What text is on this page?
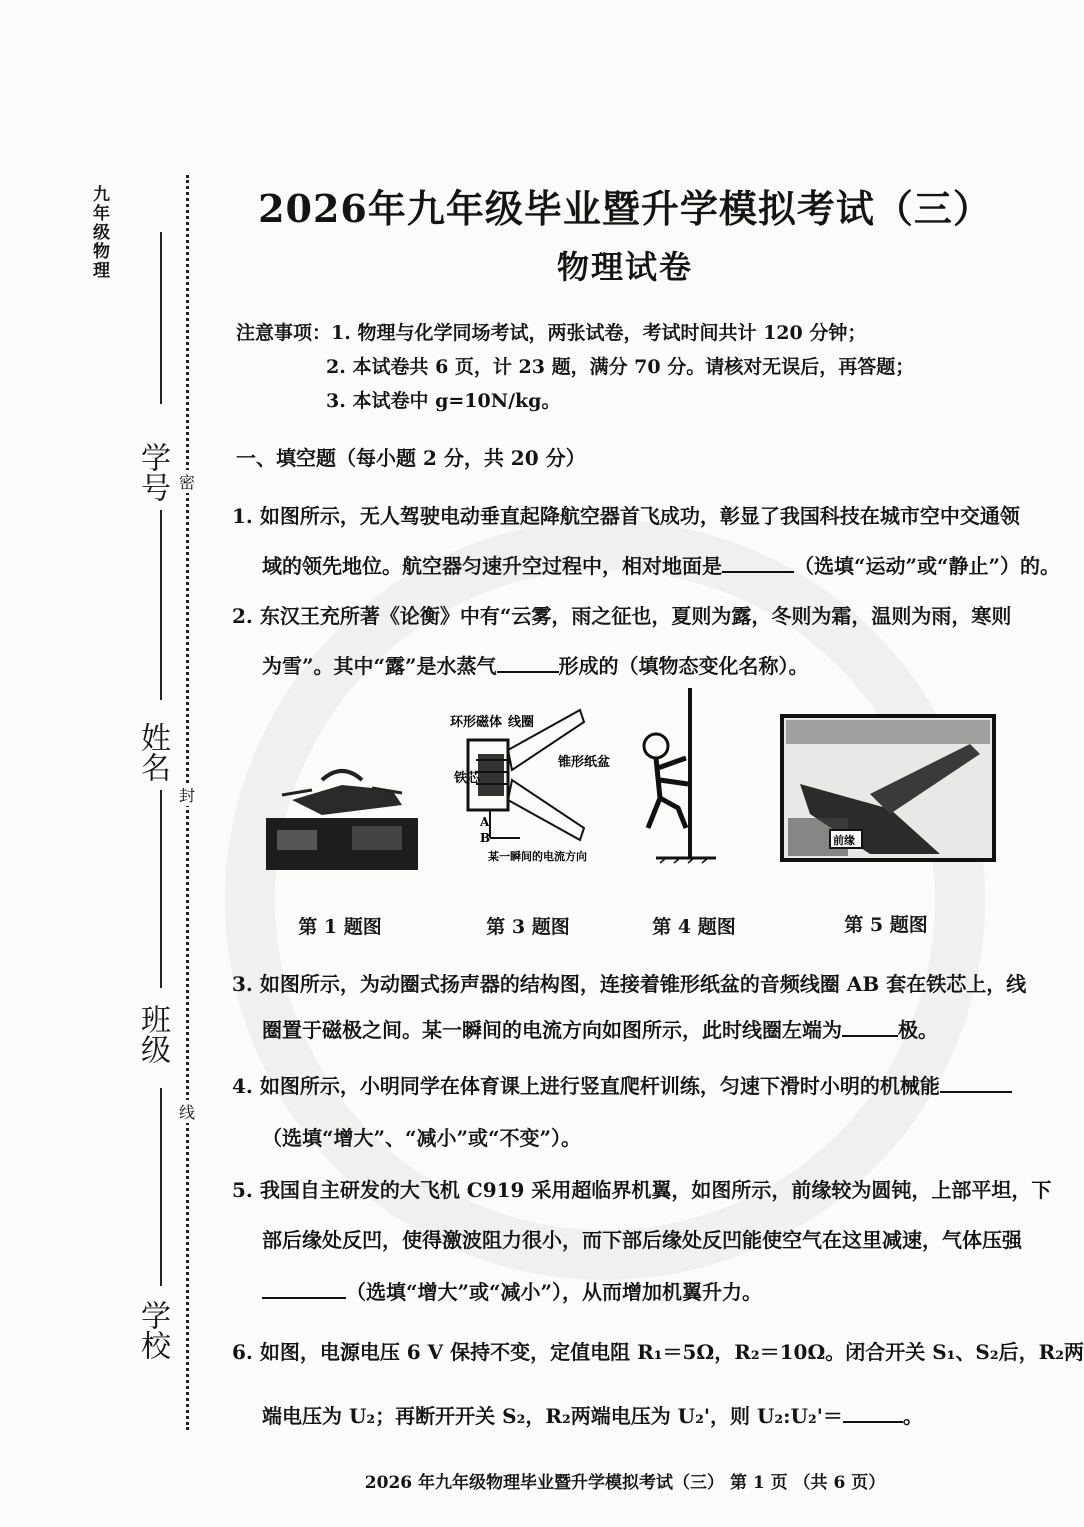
九年级物理
密
封
线
学号
姓名
班级
学校
2026年九年级毕业暨升学模拟考试（三）
物理试卷
注意事项：1. 物理与化学同场考试，两张试卷，考试时间共计 120 分钟；
2. 本试卷共 6 页，计 23 题，满分 70 分。请核对无误后，再答题；
3. 本试卷中 g=10N/kg。
一、填空题（每小题 2 分，共 20 分）
1. 如图所示，无人驾驶电动垂直起降航空器首飞成功，彰显了我国科技在城市空中交通领
域的领先地位。航空器匀速升空过程中，相对地面是	（选填“运动”或“静止”）的。
2. 东汉王充所著《论衡》中有“云雾，雨之征也，夏则为露，冬则为霜，温则为雨，寒则
为雪”。其中“露”是水蒸气	形成的（填物态变化名称）。
环形磁体 线圈
锥形纸盆
铁芯
A
B
某一瞬间的电流方向
前缘
第 1 题图	第 3 题图	第 4 题图	第 5 题图
3. 如图所示，为动圈式扬声器的结构图，连接着锥形纸盆的音频线圈 AB 套在铁芯上，线
圈置于磁极之间。某一瞬间的电流方向如图所示，此时线圈左端为	极。
4. 如图所示，小明同学在体育课上进行竖直爬杆训练，匀速下滑时小明的机械能
（选填“增大”、“减小”或“不变”）。
5. 我国自主研发的大飞机 C919 采用超临界机翼，如图所示，前缘较为圆钝，上部平坦，下
部后缘处反凹，使得激波阻力很小，而下部后缘处反凹能使空气在这里减速，气体压强
（选填“增大”或“减小”），从而增加机翼升力。
6. 如图，电源电压 6 V 保持不变，定值电阻 R₁＝5Ω，R₂＝10Ω。闭合开关 S₁、S₂后，R₂两
端电压为 U₂；再断开开关 S₂，R₂两端电压为 U₂'，则 U₂:U₂'＝	。
2026 年九年级物理毕业暨升学模拟考试（三） 第 1 页 （共 6 页）
